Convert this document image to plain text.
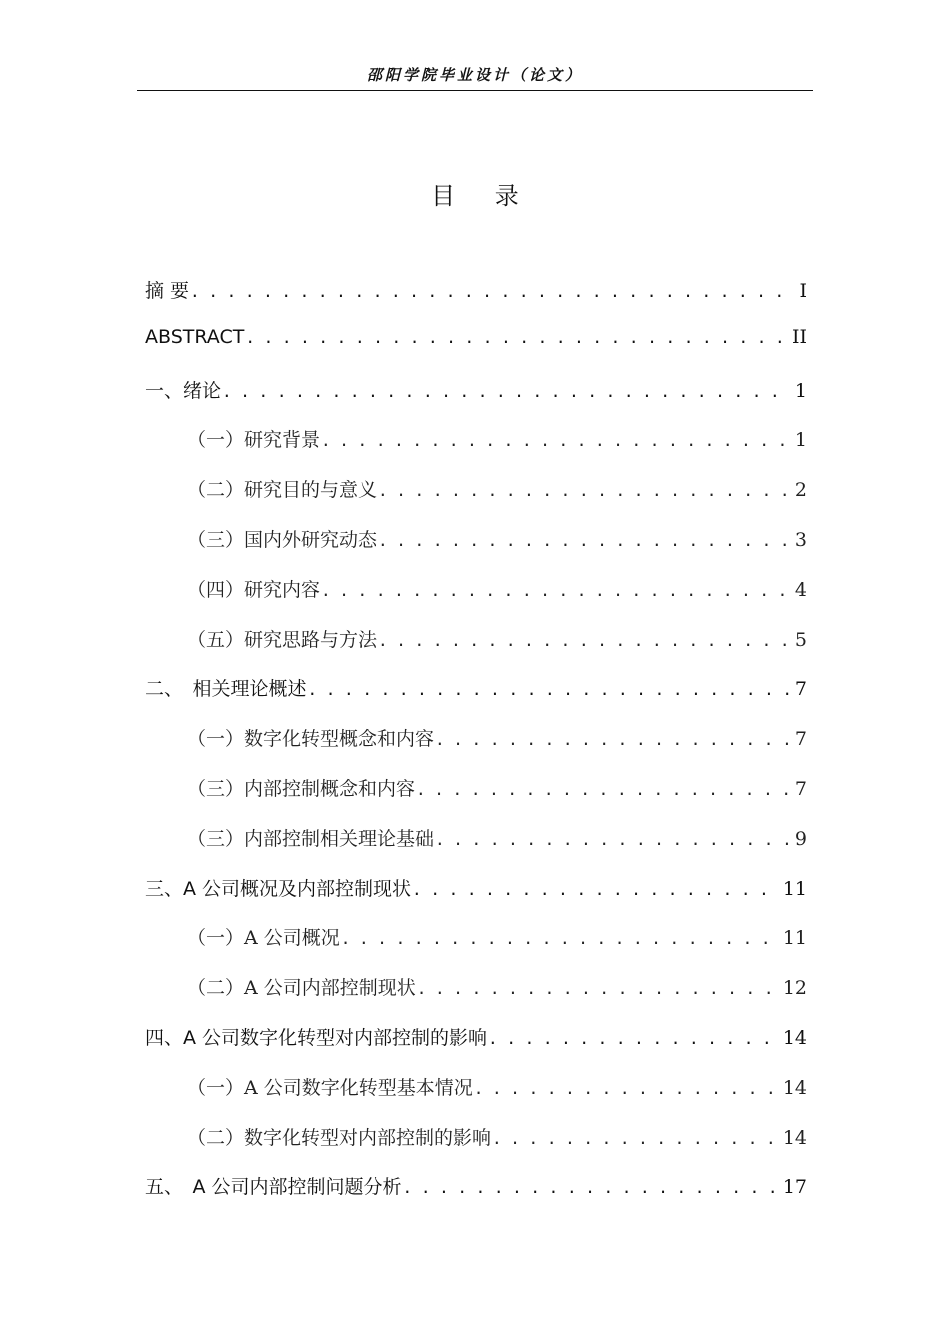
邵阳学院毕业设计（论文）
目 录
摘 要 . . .	I
ABSTRACT . . .	II
一、绪论 . . .	1
（一）研究背景 . . .	1
（二）研究目的与意义 . . .	2
（三）国内外研究动态 . . .	3
（四）研究内容 . . .	4
（五）研究思路与方法 . . .	5
二、　相关理论概述 . . .	7
（一）数字化转型概念和内容 . . .	7
（三）内部控制概念和内容 . . .	7
（三）内部控制相关理论基础 . . .	9
三、A 公司概况及内部控制现状 . . .	11
（一）A 公司概况 . . .	11
（二）A 公司内部控制现状 . . .	12
四、A 公司数字化转型对内部控制的影响 . . .	14
（一）A 公司数字化转型基本情况 . . .	14
（二）数字化转型对内部控制的影响 . . .	14
五、　A 公司内部控制问题分析 . . .	17
